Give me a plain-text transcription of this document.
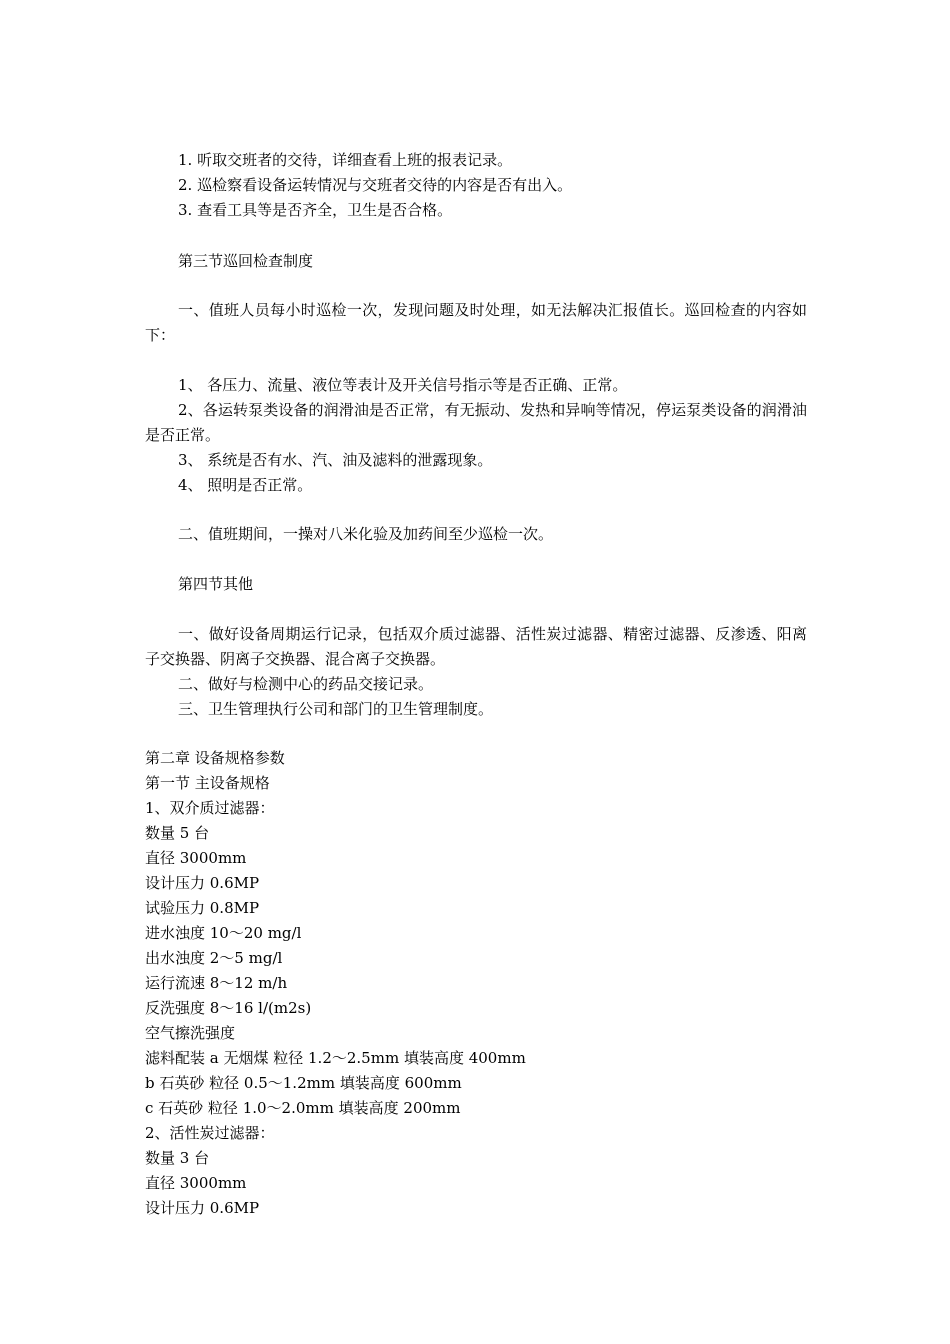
1. 听取交班者的交待，详细查看上班的报表记录。
2. 巡检察看设备运转情况与交班者交待的内容是否有出入。
3. 查看工具等是否齐全，卫生是否合格。
第三节巡回检查制度
一、值班人员每小时巡检一次，发现问题及时处理，如无法解决汇报值长。巡回检查的内容如下：
1、 各压力、流量、液位等表计及开关信号指示等是否正确、正常。
2、各运转泵类设备的润滑油是否正常，有无振动、发热和异响等情况，停运泵类设备的润滑油是否正常。
3、 系统是否有水、汽、油及滤料的泄露现象。
4、 照明是否正常。
二、值班期间，一操对八米化验及加药间至少巡检一次。
第四节其他
一、做好设备周期运行记录，包括双介质过滤器、活性炭过滤器、精密过滤器、反渗透、阳离子交换器、阴离子交换器、混合离子交换器。
二、做好与检测中心的药品交接记录。
三、卫生管理执行公司和部门的卫生管理制度。
第二章 设备规格参数
第一节 主设备规格
1、双介质过滤器：
数量 5 台
直径 3000mm
设计压力 0.6MP
试验压力 0.8MP
进水浊度 10～20 mg/l
出水浊度 2～5 mg/l
运行流速 8～12 m/h
反洗强度 8～16 l/(m2s)
空气擦洗强度
滤料配装 a 无烟煤 粒径 1.2～2.5mm 填装高度 400mm
b 石英砂 粒径 0.5～1.2mm 填装高度 600mm
c 石英砂 粒径 1.0～2.0mm 填装高度 200mm
2、活性炭过滤器：
数量 3 台
直径 3000mm
设计压力 0.6MP
